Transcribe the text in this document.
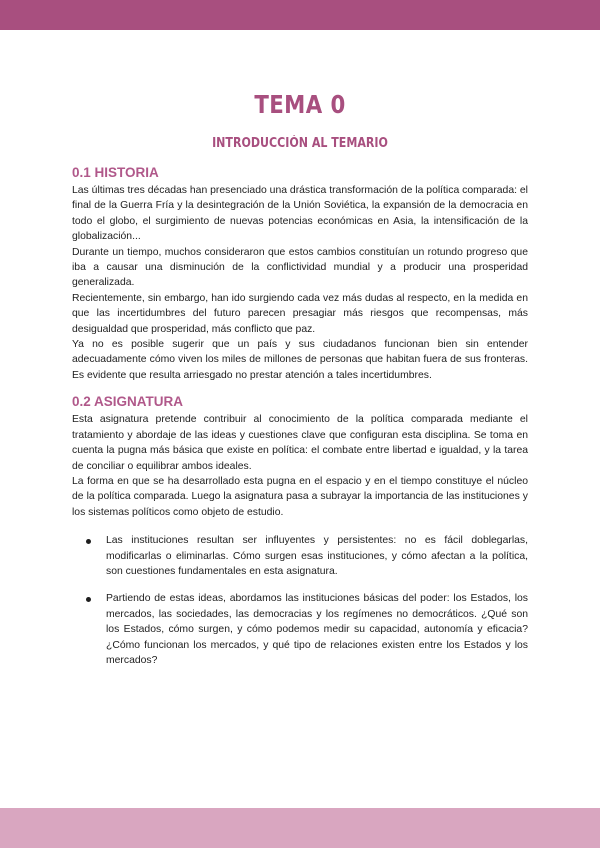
TEMA 0
INTRODUCCIÓN AL TEMARIO
0.1 HISTORIA

Las últimas tres décadas han presenciado una drástica transformación de la política comparada: el final de la Guerra Fría y la desintegración de la Unión Soviética, la expansión de la democracia en todo el globo, el surgimiento de nuevas potencias económicas en Asia, la intensificación de la globalización...

Durante un tiempo, muchos consideraron que estos cambios constituían un rotundo progreso que iba a causar una disminución de la conflictividad mundial y a producir una prosperidad generalizada.

Recientemente, sin embargo, han ido surgiendo cada vez más dudas al respecto, en la medida en que las incertidumbres del futuro parecen presagiar más riesgos que recompensas, más desigualdad que prosperidad, más conflicto que paz.

Ya no es posible sugerir que un país y sus ciudadanos funcionan bien sin entender adecuadamente cómo viven los miles de millones de personas que habitan fuera de sus fronteras. Es evidente que resulta arriesgado no prestar atención a tales incertidumbres.

0.2 ASIGNATURA

Esta asignatura pretende contribuir al conocimiento de la política comparada mediante el tratamiento y abordaje de las ideas y cuestiones clave que configuran esta disciplina. Se toma en cuenta la pugna más básica que existe en política: el combate entre libertad e igualdad, y la tarea de conciliar o equilibrar ambos ideales.

La forma en que se ha desarrollado esta pugna en el espacio y en el tiempo constituye el núcleo de la política comparada. Luego la asignatura pasa a subrayar la importancia de las instituciones y los sistemas políticos como objeto de estudio.

Las instituciones resultan ser influyentes y persistentes: no es fácil doblegarlas, modificarlas o eliminarlas. Cómo surgen esas instituciones, y cómo afectan a la política, son cuestiones fundamentales en esta asignatura.
Partiendo de estas ideas, abordamos las instituciones básicas del poder: los Estados, los mercados, las sociedades, las democracias y los regímenes no democráticos. ¿Qué son los Estados, cómo surgen, y cómo podemos medir su capacidad, autonomía y eficacia? ¿Cómo funcionan los mercados, y qué tipo de relaciones existen entre los Estados y los mercados?
